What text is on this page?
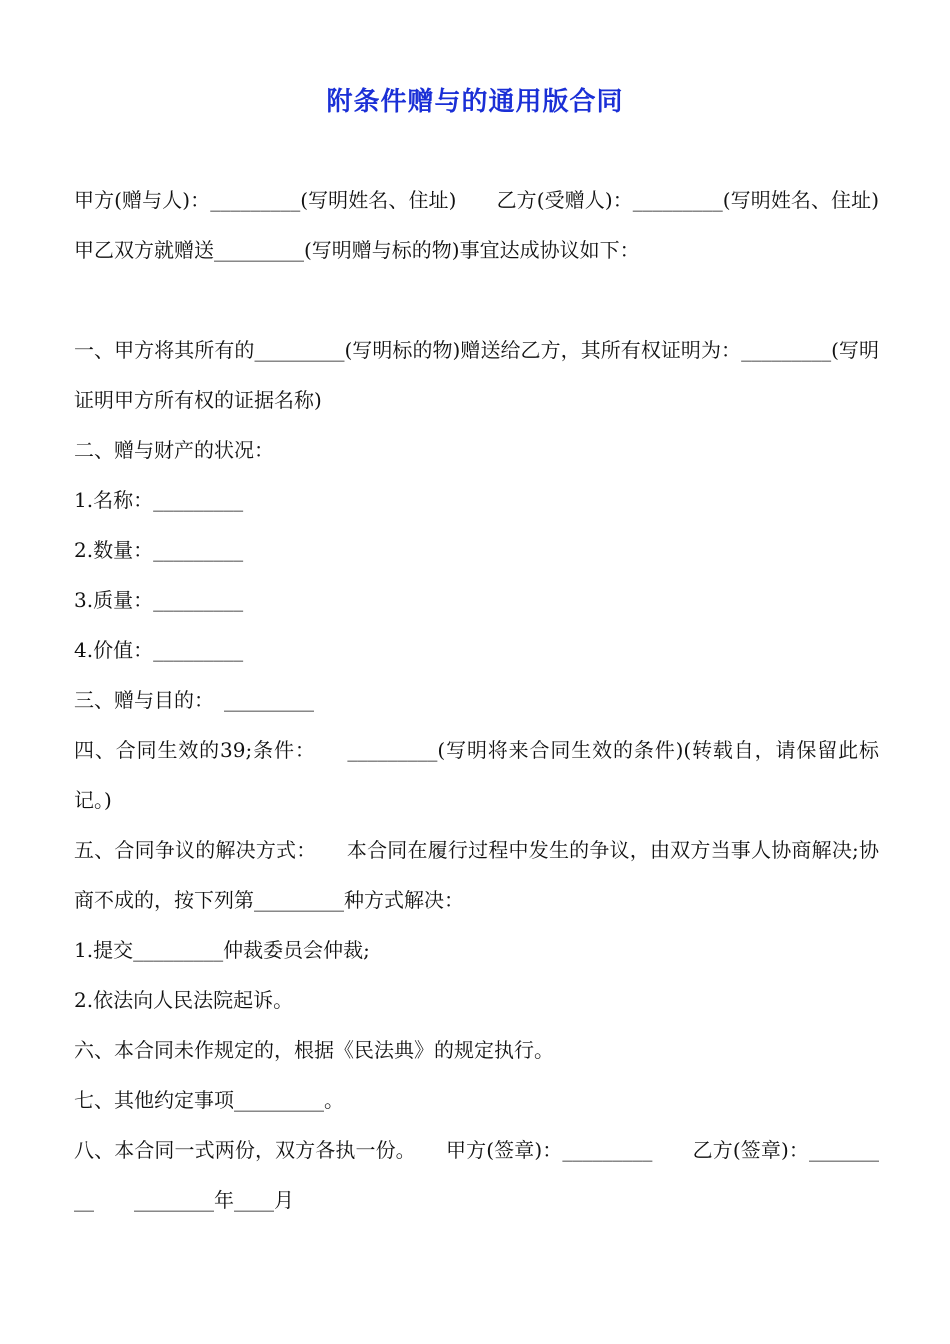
附条件赠与的通用版合同
甲方(赠与人)：_________(写明姓名、住址)　　乙方(受赠人)：_________(写明姓名、住址)　　甲乙双方就赠送_________(写明赠与标的物)事宜达成协议如下：
一、甲方将其所有的_________(写明标的物)赠送给乙方，其所有权证明为：_________(写明证明甲方所有权的证据名称)
二、赠与财产的状况：
1.名称：_________
2.数量：_________
3.质量：_________
4.价值：_________
三、赠与目的：　_________
四、合同生效的39;条件：　　_________(写明将来合同生效的条件)(转载自，请保留此标记。)
五、合同争议的解决方式：　　本合同在履行过程中发生的争议，由双方当事人协商解决;协商不成的，按下列第_________种方式解决：
1.提交_________仲裁委员会仲裁;
2.依法向人民法院起诉。
六、本合同未作规定的，根据《民法典》的规定执行。
七、其他约定事项_________。
八、本合同一式两份，双方各执一份。　　甲方(签章)：_________　　乙方(签章)：_________　　________年____月
